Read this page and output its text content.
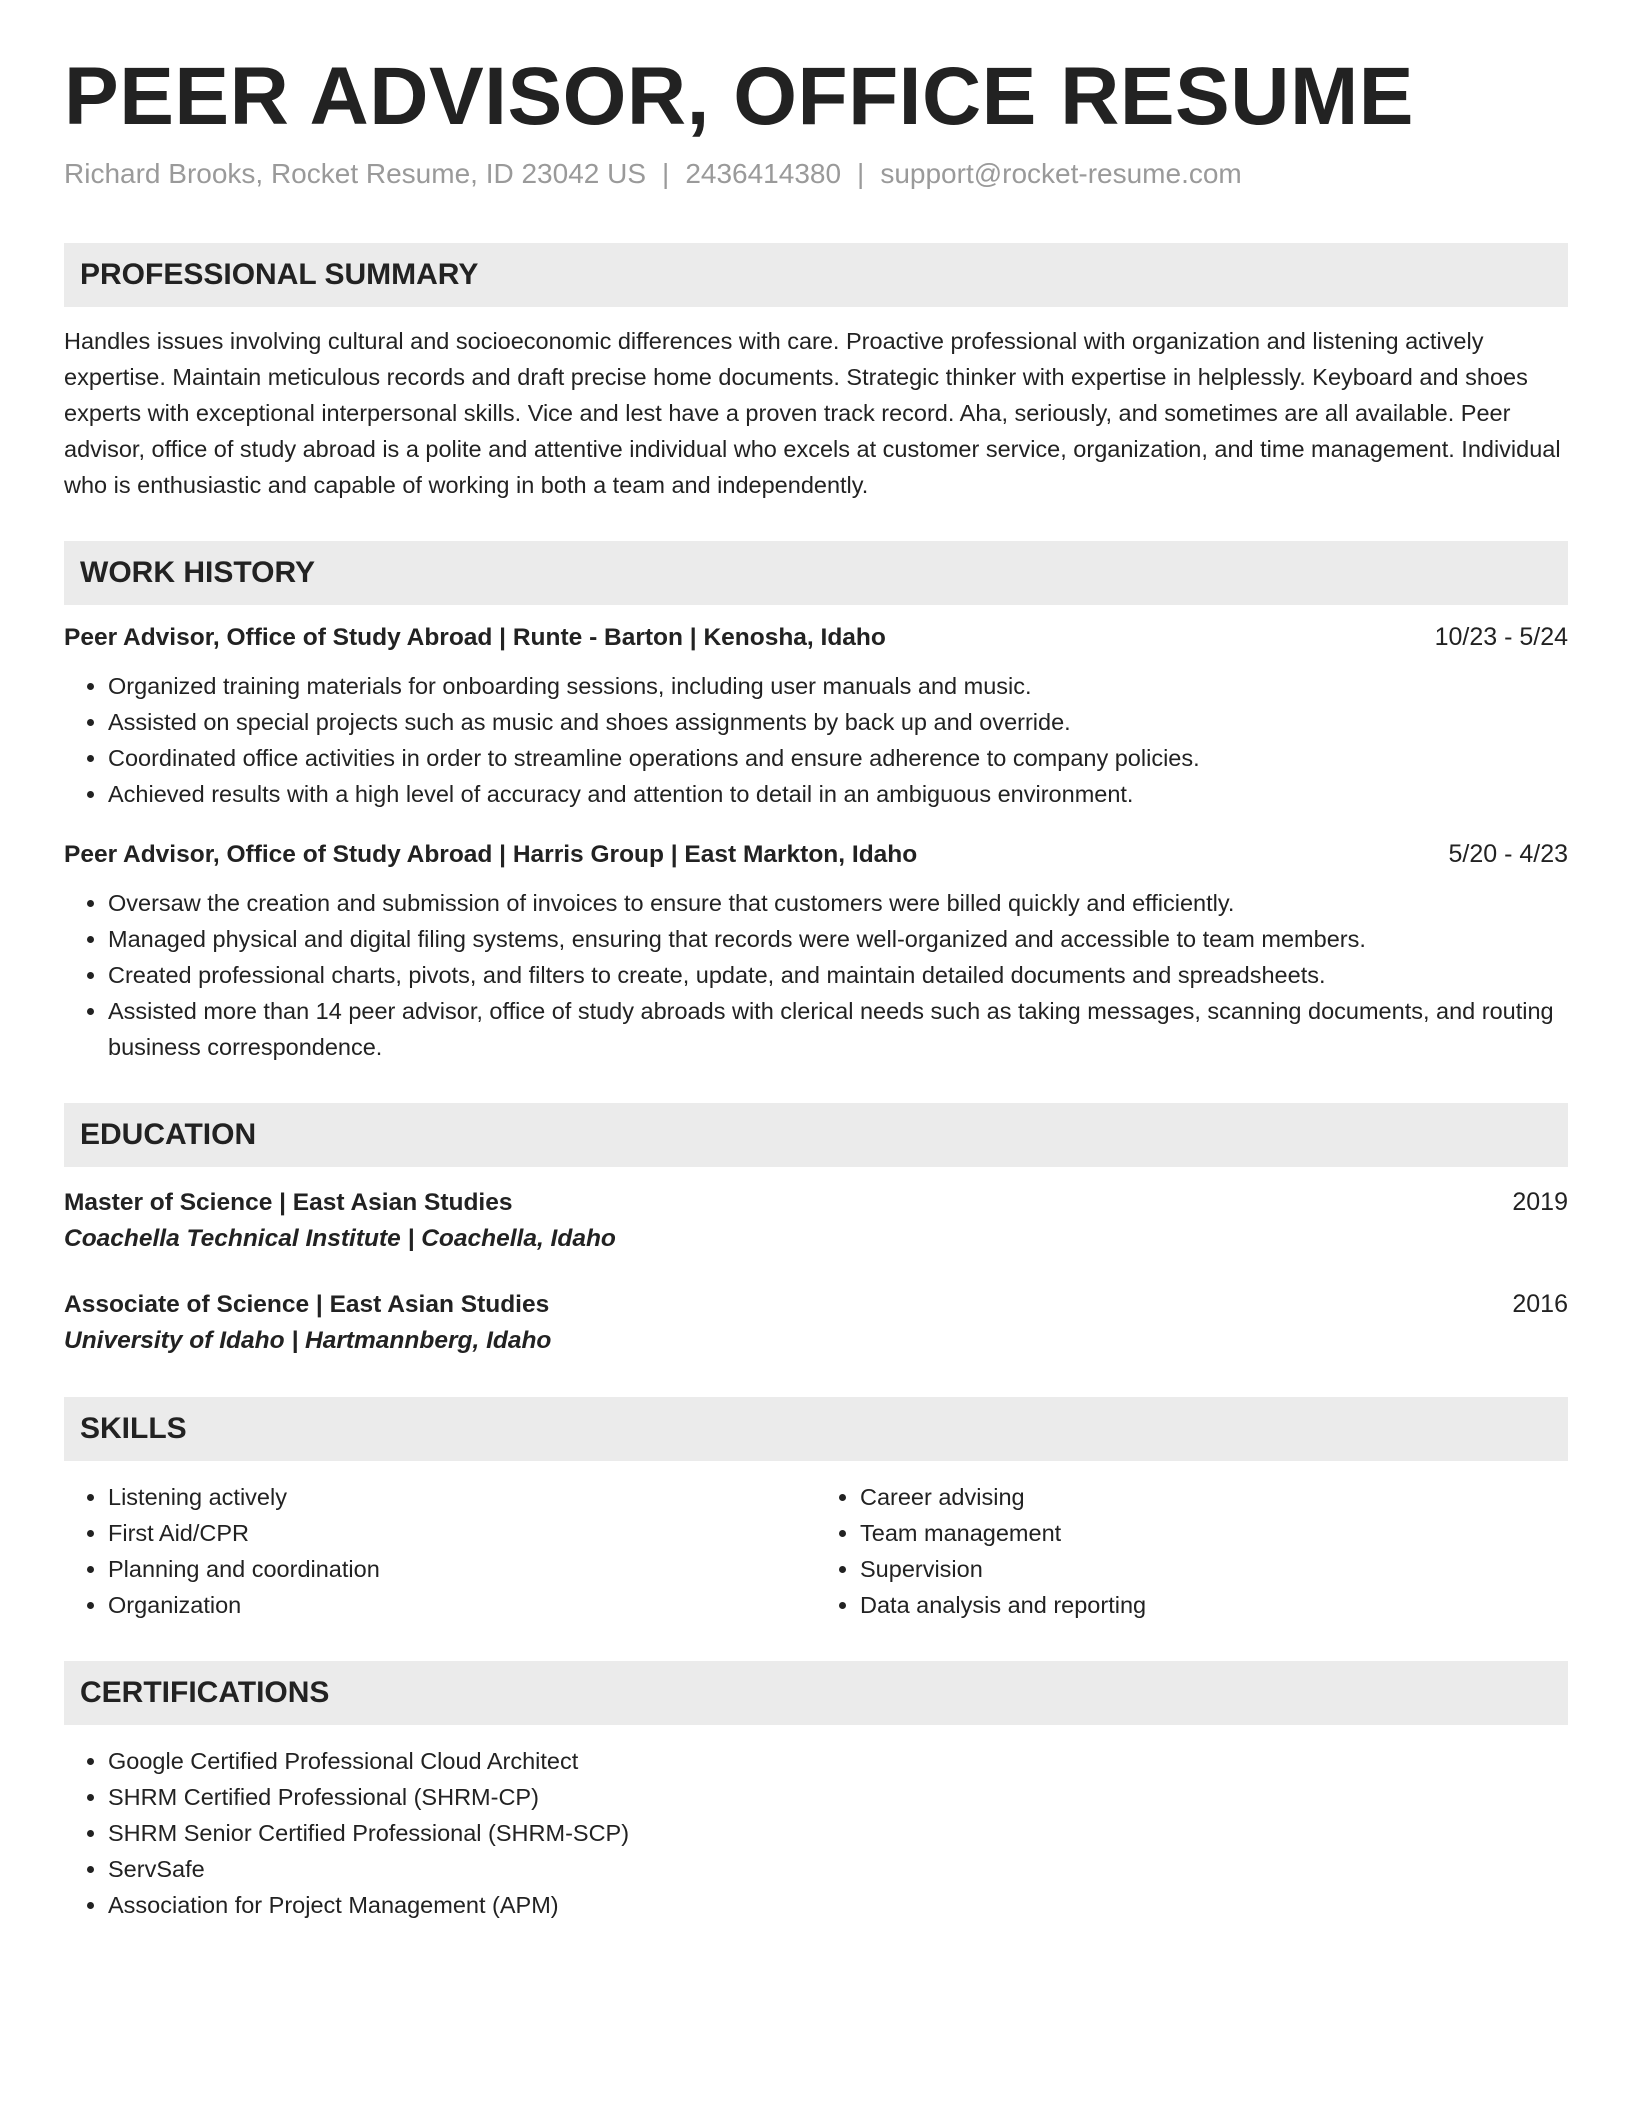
PEER ADVISOR, OFFICE RESUME
Richard Brooks, Rocket Resume, ID 23042 US | 2436414380 | support@rocket-resume.com
PROFESSIONAL SUMMARY
Handles issues involving cultural and socioeconomic differences with care. Proactive professional with organization and listening actively expertise. Maintain meticulous records and draft precise home documents. Strategic thinker with expertise in helplessly. Keyboard and shoes experts with exceptional interpersonal skills. Vice and lest have a proven track record. Aha, seriously, and sometimes are all available. Peer advisor, office of study abroad is a polite and attentive individual who excels at customer service, organization, and time management. Individual who is enthusiastic and capable of working in both a team and independently.
WORK HISTORY
Peer Advisor, Office of Study Abroad | Runte - Barton | Kenosha, Idaho	10/23 - 5/24
• Organized training materials for onboarding sessions, including user manuals and music.
• Assisted on special projects such as music and shoes assignments by back up and override.
• Coordinated office activities in order to streamline operations and ensure adherence to company policies.
• Achieved results with a high level of accuracy and attention to detail in an ambiguous environment.
Peer Advisor, Office of Study Abroad | Harris Group | East Markton, Idaho	5/20 - 4/23
• Oversaw the creation and submission of invoices to ensure that customers were billed quickly and efficiently.
• Managed physical and digital filing systems, ensuring that records were well-organized and accessible to team members.
• Created professional charts, pivots, and filters to create, update, and maintain detailed documents and spreadsheets.
• Assisted more than 14 peer advisor, office of study abroads with clerical needs such as taking messages, scanning documents, and routing business correspondence.
EDUCATION
Master of Science | East Asian Studies	2019
Coachella Technical Institute | Coachella, Idaho
Associate of Science | East Asian Studies	2016
University of Idaho | Hartmannberg, Idaho
SKILLS
• Listening actively
• First Aid/CPR
• Planning and coordination
• Organization
• Career advising
• Team management
• Supervision
• Data analysis and reporting
CERTIFICATIONS
• Google Certified Professional Cloud Architect
• SHRM Certified Professional (SHRM-CP)
• SHRM Senior Certified Professional (SHRM-SCP)
• ServSafe
• Association for Project Management (APM)
